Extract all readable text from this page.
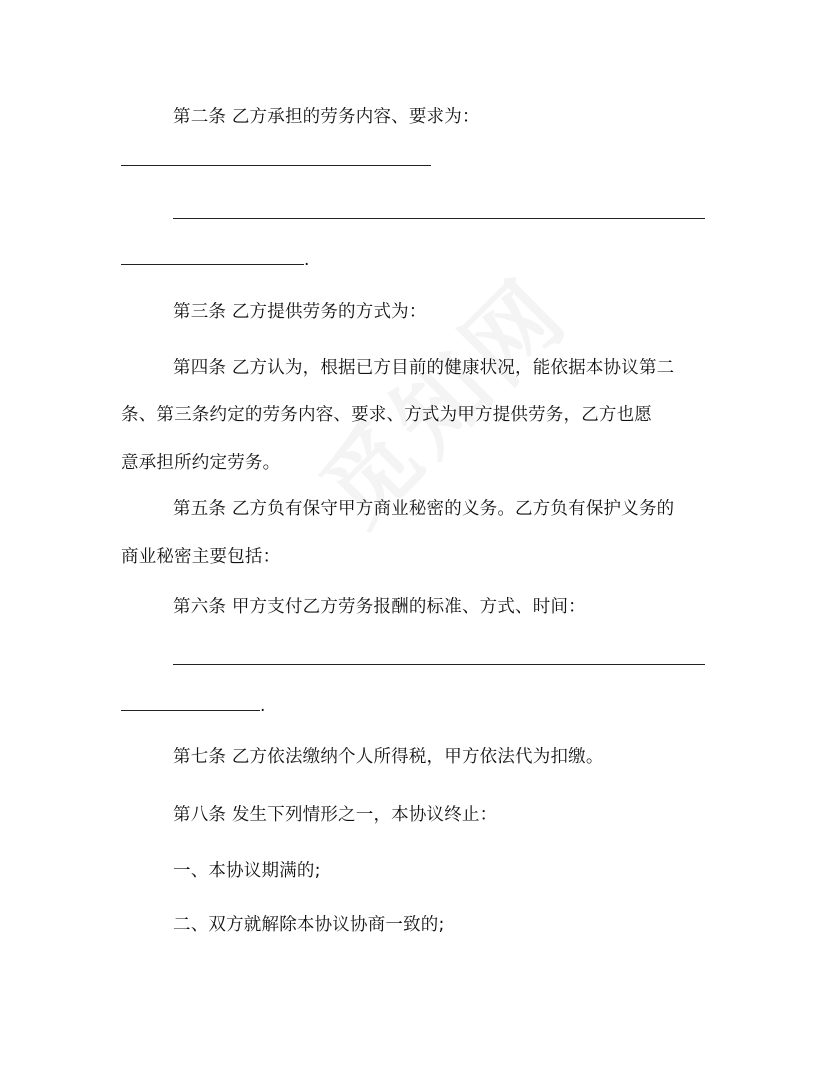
第二条 乙方承担的劳务内容、要求为：
.
第三条 乙方提供劳务的方式为：
第四条 乙方认为，根据已方目前的健康状况，能依据本协议第二
条、第三条约定的劳务内容、要求、方式为甲方提供劳务，乙方也愿
意承担所约定劳务。
第五条 乙方负有保守甲方商业秘密的义务。乙方负有保护义务的
商业秘密主要包括：
第六条 甲方支付乙方劳务报酬的标准、方式、时间：
.
第七条 乙方依法缴纳个人所得税，甲方依法代为扣缴。
第八条 发生下列情形之一，本协议终止：
一、本协议期满的;
二、双方就解除本协议协商一致的;
